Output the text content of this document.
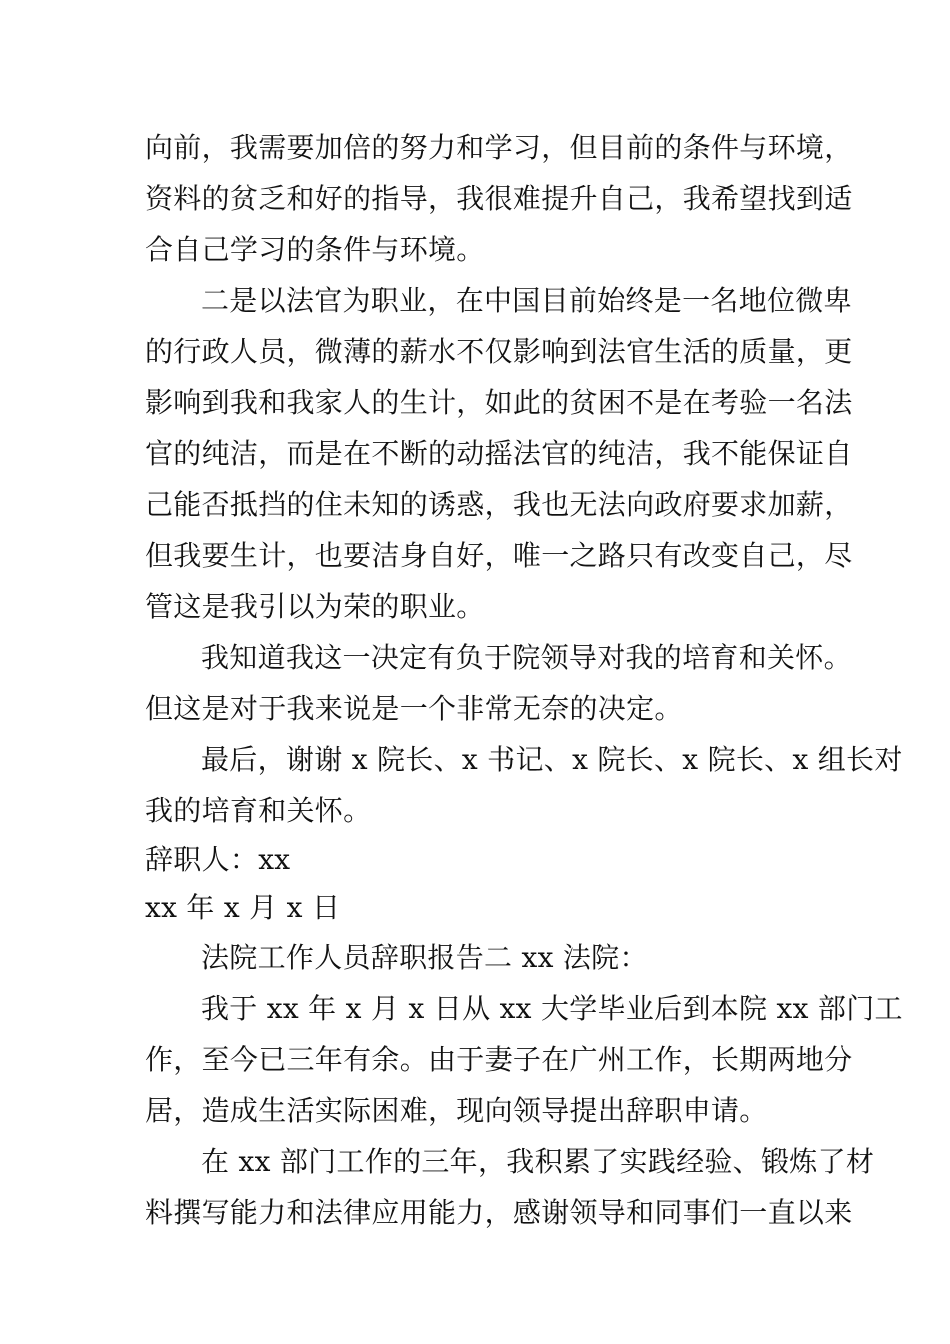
向前，我需要加倍的努力和学习，但目前的条件与环境，
资料的贫乏和好的指导，我很难提升自己，我希望找到适
合自己学习的条件与环境。
二是以法官为职业，在中国目前始终是一名地位微卑
的行政人员，微薄的薪水不仅影响到法官生活的质量，更
影响到我和我家人的生计，如此的贫困不是在考验一名法
官的纯洁，而是在不断的动摇法官的纯洁，我不能保证自
己能否抵挡的住未知的诱惑，我也无法向政府要求加薪，
但我要生计，也要洁身自好，唯一之路只有改变自己，尽
管这是我引以为荣的职业。
我知道我这一决定有负于院领导对我的培育和关怀。
但这是对于我来说是一个非常无奈的决定。
最后，谢谢 x 院长、x 书记、x 院长、x 院长、x 组长对
我的培育和关怀。
辞职人：xx
xx 年 x 月 x 日
法院工作人员辞职报告二 xx 法院：
我于 xx 年 x 月 x 日从 xx 大学毕业后到本院 xx 部门工
作，至今已三年有余。由于妻子在广州工作，长期两地分
居，造成生活实际困难，现向领导提出辞职申请。
在 xx 部门工作的三年，我积累了实践经验、锻炼了材
料撰写能力和法律应用能力，感谢领导和同事们一直以来
